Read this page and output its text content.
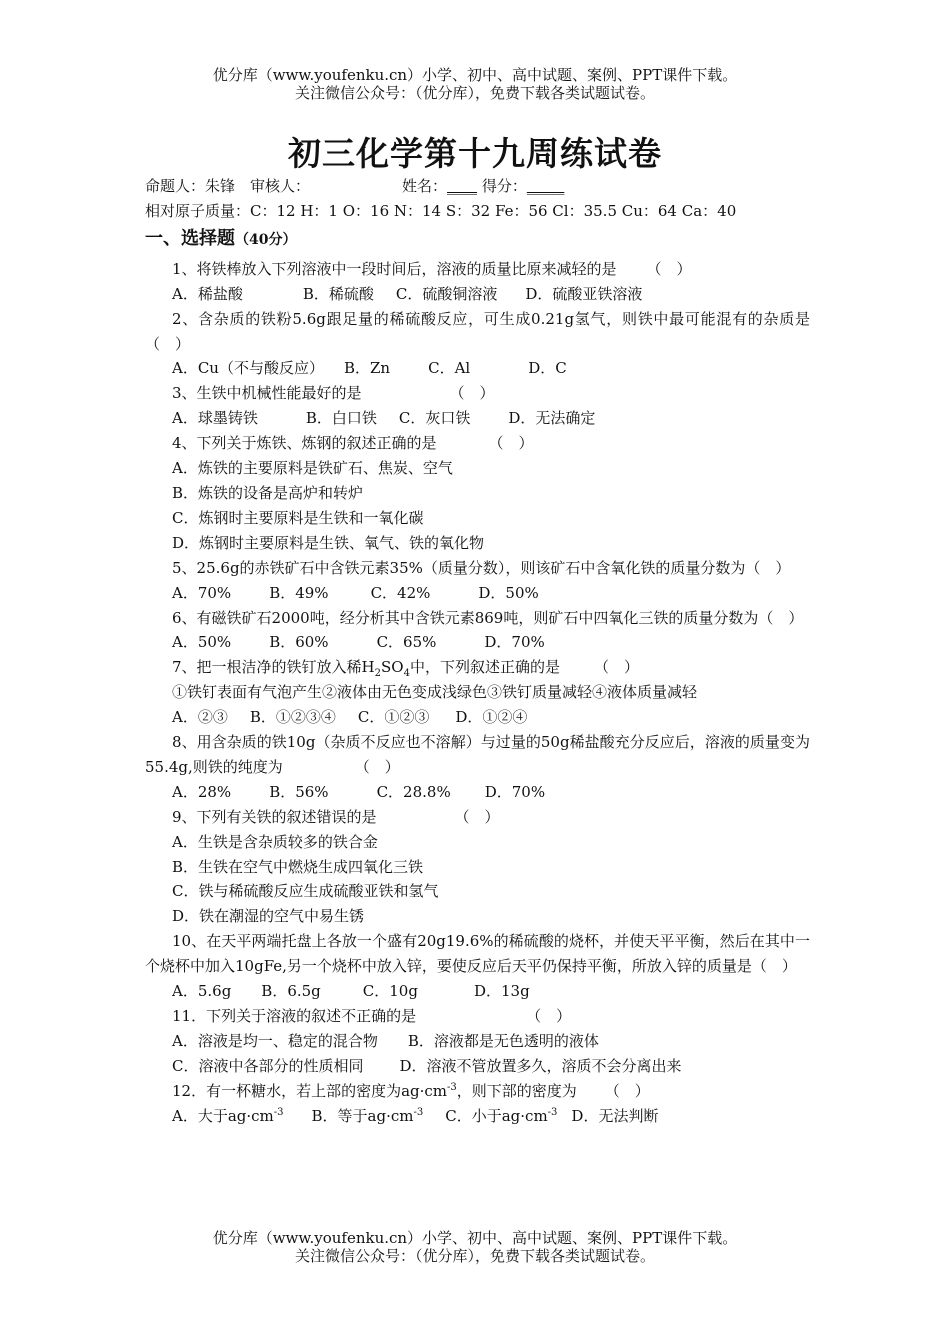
优分库（www.youfenku.cn）小学、初中、高中试题、案例、PPT课件下载。
关注微信公众号：（优分库），免费下载各类试题试卷。
初三化学第十九周练试卷
命题人：朱锋　审核人：	姓名：____ 得分：_____
相对原子质量：C：12 H：1 O：16 N：14 S：32 Fe：56 Cl：35.5 Cu：64 Ca：40
一、选择题（40分）
1、将铁棒放入下列溶液中一段时间后，溶液的质量比原来减轻的是 （　）
A．稀盐酸	B．稀硫酸 C．硫酸铜溶液 D．硫酸亚铁溶液
2、含杂质的铁粉5.6g跟足量的稀硫酸反应，可生成0.21g氢气，则铁中最可能混有的杂质是（　）
A．Cu（不与酸反应） B．Zn	C．Al	D．C
3、生铁中机械性能最好的是	（　）
A．球墨铸铁	B．白口铁 C．灰口铁	D．无法确定
4、下列关于炼铁、炼钢的叙述正确的是	（　）
A．炼铁的主要原料是铁矿石、焦炭、空气
B．炼铁的设备是高炉和转炉
C．炼钢时主要原料是生铁和一氧化碳
D．炼钢时主要原料是生铁、氧气、铁的氧化物
5、25.6g的赤铁矿石中含铁元素35%（质量分数），则该矿石中含氧化铁的质量分数为（　）
A．70%	B．49%	C．42%	D．50%
6、有磁铁矿石2000吨，经分析其中含铁元素869吨，则矿石中四氧化三铁的质量分数为（　）
A．50%	B．60%	C．65%	D．70%
7、把一根洁净的铁钉放入稀$H_2SO_4$中，下列叙述正确的是 （　）
①铁钉表面有气泡产生②液体由无色变成浅绿色③铁钉质量减轻④液体质量减轻
A．②③ B．①②③④ C．①②③ D．①②④
8、用含杂质的铁10g（杂质不反应也不溶解）与过量的50g稀盐酸充分反应后，溶液的质量变为55.4g,则铁的纯度为	（　）
A．28%	B．56%	C．28.8% D．70%
9、下列有关铁的叙述错误的是	（　）
A．生铁是含杂质较多的铁合金
B．生铁在空气中燃烧生成四氧化三铁
C．铁与稀硫酸反应生成硫酸亚铁和氢气
D．铁在潮湿的空气中易生锈
10、在天平两端托盘上各放一个盛有20g19.6%的稀硫酸的烧杯，并使天平平衡，然后在其中一个烧杯中加入10gFe,另一个烧杯中放入锌，要使反应后天平仍保持平衡，所放入锌的质量是（　）
A．5.6g B．6.5g	C．10g	D．13g
11．下列关于溶液的叙述不正确的是	（　）
A．溶液是均一、稳定的混合物 B．溶液都是无色透明的液体
C．溶液中各部分的性质相同 D．溶液不管放置多久，溶质不会分离出来
12．有一杯糖水，若上部的密度为$ag\cdot cm^{-3}$，则下部的密度为 （　）
A．大于$ag\cdot cm^{-3}$ B．等于$ag\cdot cm^{-3}$ C．小于$ag\cdot cm^{-3}$ D．无法判断
优分库（www.youfenku.cn）小学、初中、高中试题、案例、PPT课件下载。
关注微信公众号：（优分库），免费下载各类试题试卷。
